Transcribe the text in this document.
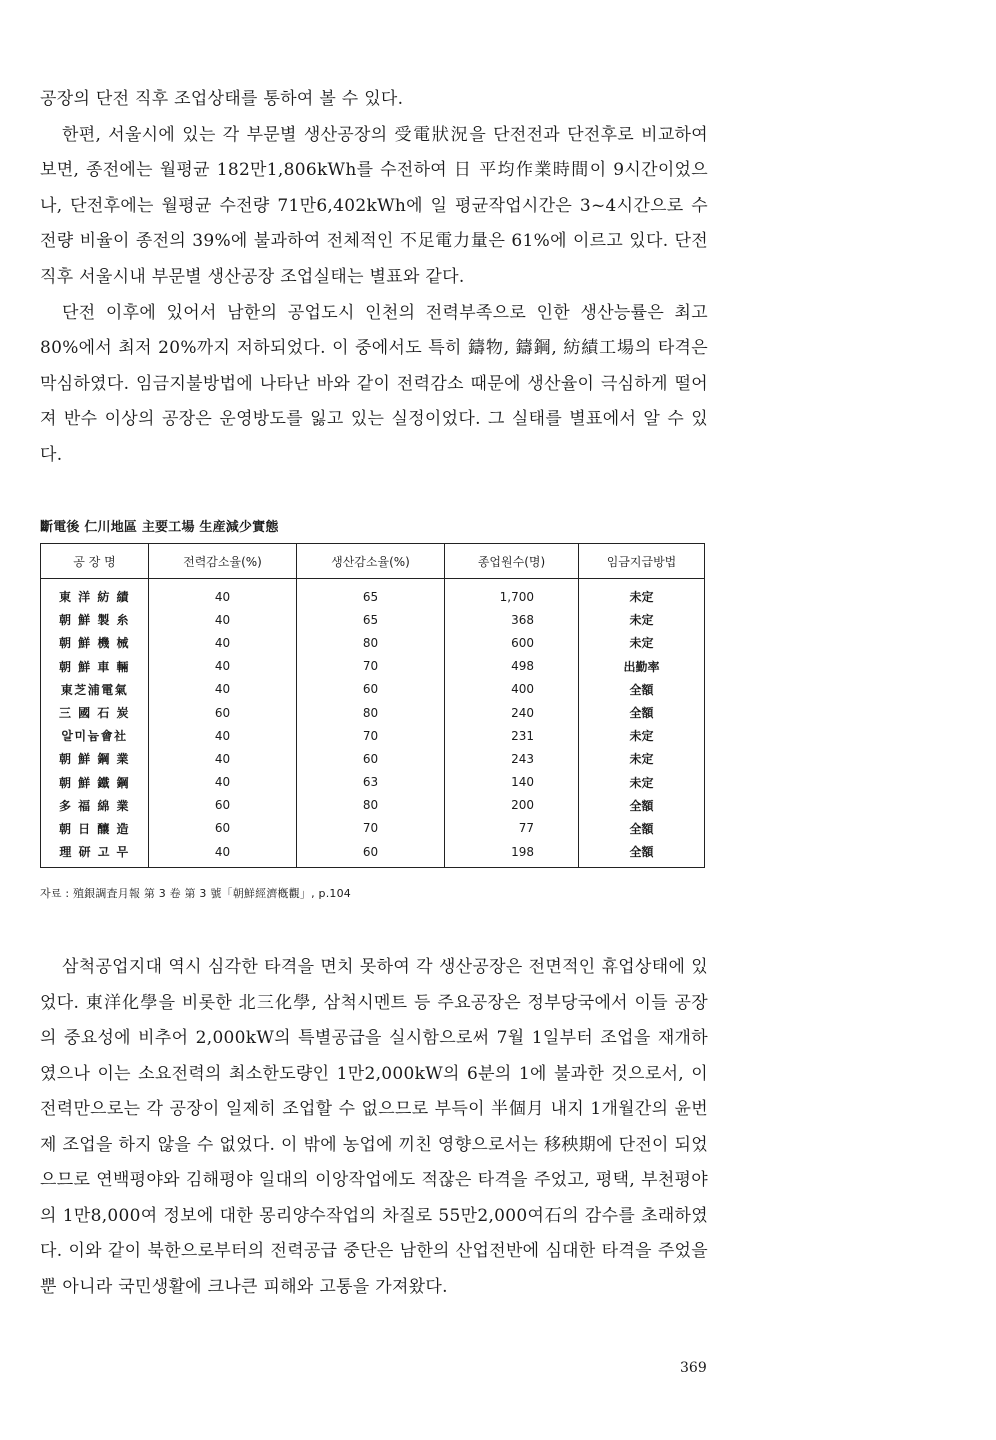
공장의 단전 직후 조업상태를 통하여 볼 수 있다.

한편, 서울시에 있는 각 부문별 생산공장의 受電狀況을 단전전과 단전후로 비교하여 보면, 종전에는 월평균 182만1,806kWh를 수전하여 日 平均作業時間이 9시간이었으나, 단전후에는 월평균 수전량 71만6,402kWh에 일 평균작업시간은 3~4시간으로 수전량 비율이 종전의 39%에 불과하여 전체적인 不足電力量은 61%에 이르고 있다. 단전직후 서울시내 부문별 생산공장 조업실태는 별표와 같다.

단전 이후에 있어서 남한의 공업도시 인천의 전력부족으로 인한 생산능률은 최고 80%에서 최저 20%까지 저하되었다. 이 중에서도 특히 鑄物, 鑄鋼, 紡績工場의 타격은 막심하였다. 임금지불방법에 나타난 바와 같이 전력감소 때문에 생산율이 극심하게 떨어져 반수 이상의 공장은 운영방도를 잃고 있는 실정이었다. 그 실태를 별표에서 알 수 있다.

斷電後 仁川地區 主要工場 生産減少實態
공 장 명	전력감소율(%)	생산감소율(%)	종업원수(명)	임금지급방법
東 洋 紡 績	40	65	1,700	未定
朝 鮮 製 糸	40	65	368	未定
朝 鮮 機 械	40	80	600	未定
朝 鮮 車 輛	40	70	498	出勤率
東芝浦電氣	40	60	400	全額
三 國 石 炭	60	80	240	全額
알미늄會社	40	70	231	未定
朝 鮮 鋼 業	40	60	243	未定
朝 鮮 鐵 鋼	40	63	140	未定
多 福 綿 業	60	80	200	全額
朝 日 釀 造	60	70	77	全額
理 研 고 무	40	60	198	全額
자료 : 殖銀調査月報 第 3 卷 第 3 號「朝鮮經濟槪觀」, p.104

삼척공업지대 역시 심각한 타격을 면치 못하여 각 생산공장은 전면적인 휴업상태에 있었다. 東洋化學을 비롯한 北三化學, 삼척시멘트 등 주요공장은 정부당국에서 이들 공장의 중요성에 비추어 2,000kW의 특별공급을 실시함으로써 7월 1일부터 조업을 재개하였으나 이는 소요전력의 최소한도량인 1만2,000kW의 6분의 1에 불과한 것으로서, 이 전력만으로는 각 공장이 일제히 조업할 수 없으므로 부득이 半個月 내지 1개월간의 윤번제 조업을 하지 않을 수 없었다. 이 밖에 농업에 끼친 영향으로서는 移秧期에 단전이 되었으므로 연백평야와 김해평야 일대의 이앙작업에도 적잖은 타격을 주었고, 평택, 부천평야의 1만8,000여 정보에 대한 몽리양수작업의 차질로 55만2,000여石의 감수를 초래하였다. 이와 같이 북한으로부터의 전력공급 중단은 남한의 산업전반에 심대한 타격을 주었을 뿐 아니라 국민생활에 크나큰 피해와 고통을 가져왔다.

369
